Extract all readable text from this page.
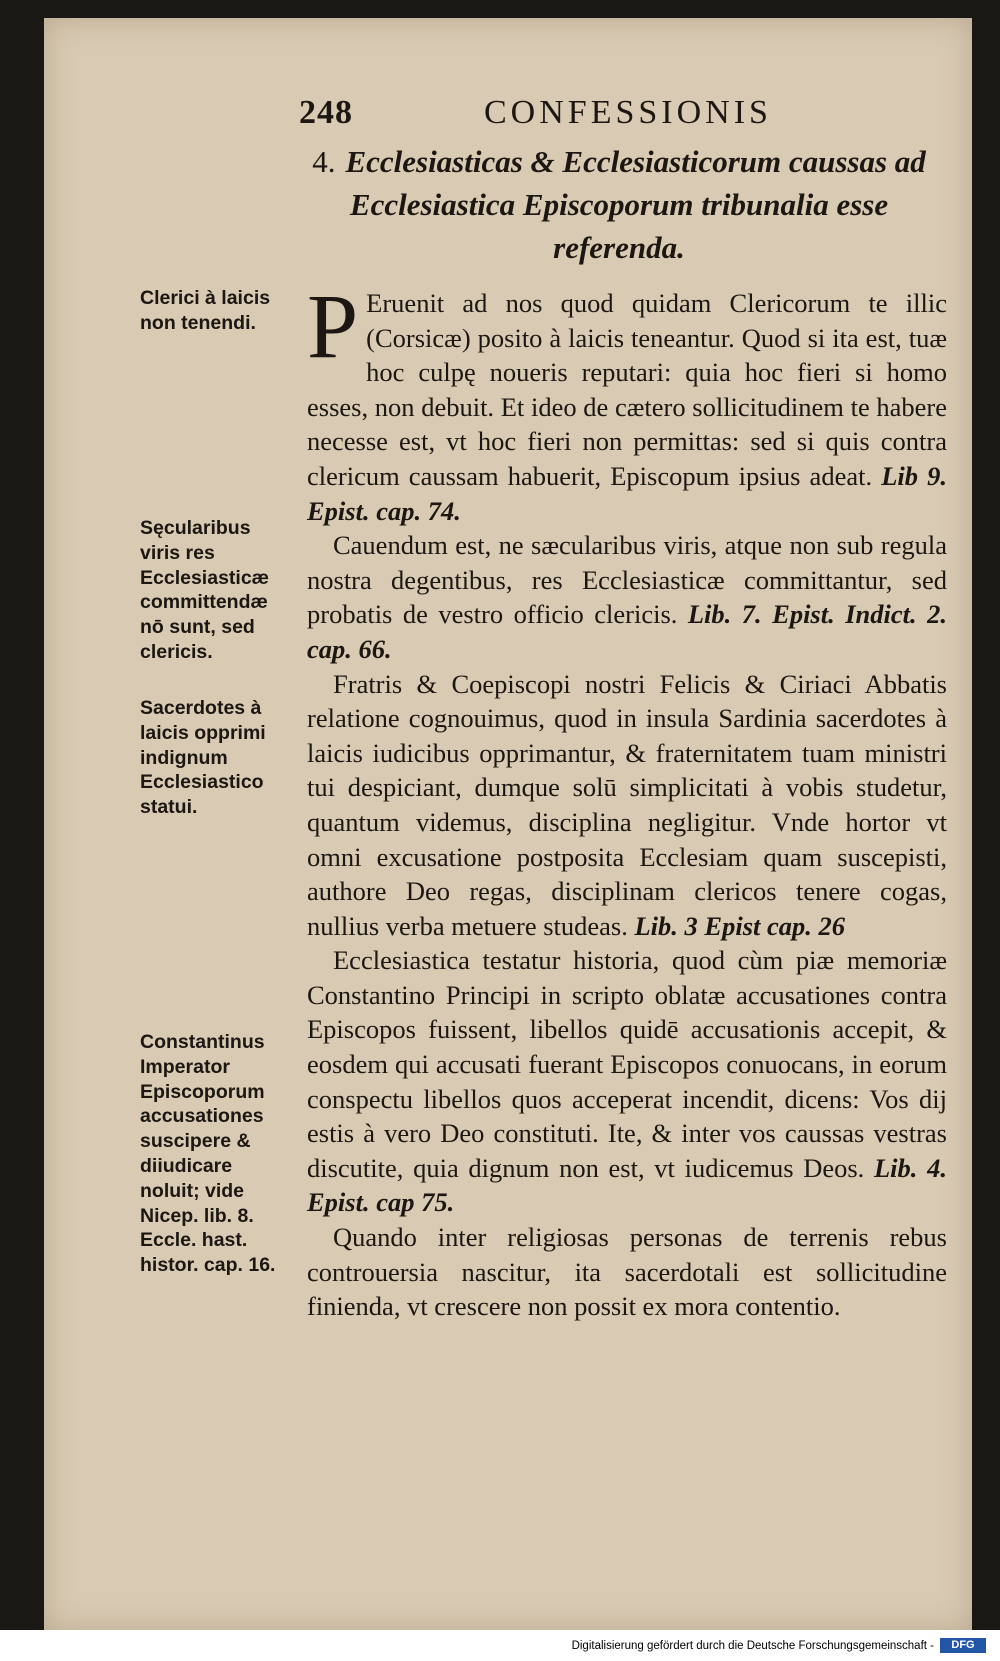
248	CONFESSIONIS
4. Ecclesiasticas & Ecclesiasticorum caussas ad Ecclesiastica Episcoporum tribunalia esse referenda.

P Eruenit ad nos quod quidam Clericorum te illic (Corsicæ) posito à laicis teneantur. Quod si ita est, tuæ hoc culpę noueris reputari: quia hoc fieri si homo esses, non debuit. Et ideo de cætero sollicitudinem te habere necesse est, vt hoc fieri non permittas: sed si quis contra clericum caussam habuerit, Episcopum ipsius adeat. Lib 9. Epist. cap. 74.

Cauendum est, ne sæcularibus viris, atque non sub regula nostra degentibus, res Ecclesiasticæ committantur, sed probatis de vestro officio clericis. Lib. 7. Epist. Indict. 2. cap. 66.

Fratris & Coepiscopi nostri Felicis & Ciriaci Abbatis relatione cognouimus, quod in insula Sardinia sacerdotes à laicis iudicibus opprimantur, & fraternitatem tuam ministri tui despiciant, dumque solū simplicitati à vobis studetur, quantum videmus, disciplina negligitur. Vnde hortor vt omni excusatione postposita Ecclesiam quam suscepisti, authore Deo regas, disciplinam clericos tenere cogas, nullius verba metuere studeas. Lib. 3 Epist cap. 26

Ecclesiastica testatur historia, quod cùm piæ memoriæ Constantino Principi in scripto oblatæ accusationes contra Episcopos fuissent, libellos quidē accusationis accepit, & eosdem qui accusati fuerant Episcopos conuocans, in eorum conspectu libellos quos acceperat incendit, dicens: Vos dij estis à vero Deo constituti. Ite, & inter vos caussas vestras discutite, quia dignum non est, vt iudicemus Deos. Lib. 4. Epist. cap 75.

Quando inter religiosas personas de terrenis rebus controuersia nascitur, ita sacerdotali est sollicitudine finienda, vt crescere non possit ex mora contentio.

Clerici à laicis non tenendi.
Sęcularibus viris res Ecclesiasticæ committendæ nō sunt, sed clericis.
Sacerdotes à laicis opprimi indignum Ecclesiastico statui.
Constantinus Imperator Episcoporum accusationes suscipere & diiudicare noluit; vide Nicep. lib. 8. Eccle. hast. histor. cap. 16.
Digitalisierung gefördert durch die Deutsche Forschungsgemeinschaft -	DFG
